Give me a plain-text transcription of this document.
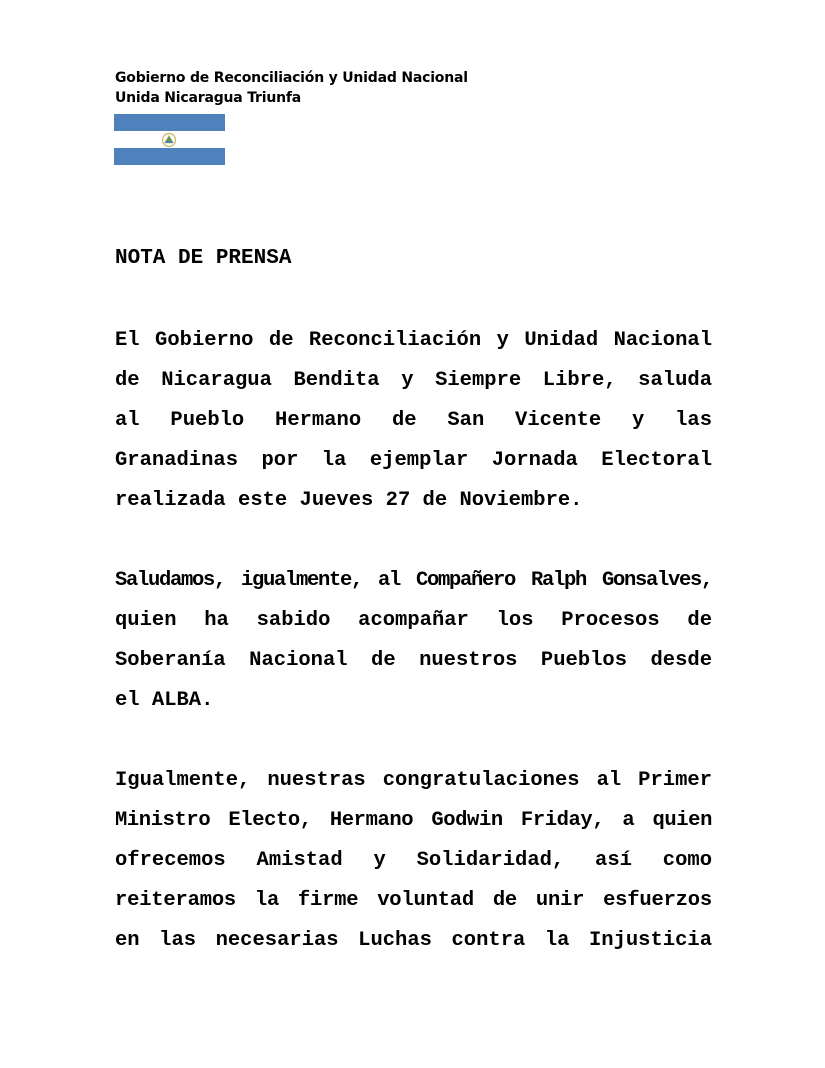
Gobierno de Reconciliación y Unidad Nacional
Unida Nicaragua Triunfa
NOTA DE PRENSA
El Gobierno de Reconciliación y Unidad Nacional
de Nicaragua Bendita y Siempre Libre, saluda
al Pueblo Hermano de San Vicente y las
Granadinas por la ejemplar Jornada Electoral
realizada este Jueves 27 de Noviembre.
Saludamos, igualmente, al Compañero Ralph Gonsalves,
quien ha sabido acompañar los Procesos de
Soberanía Nacional de nuestros Pueblos desde
el ALBA.
Igualmente, nuestras congratulaciones al Primer
Ministro Electo, Hermano Godwin Friday, a quien
ofrecemos Amistad y Solidaridad, así como
reiteramos la firme voluntad de unir esfuerzos
en las necesarias Luchas contra la Injusticia
